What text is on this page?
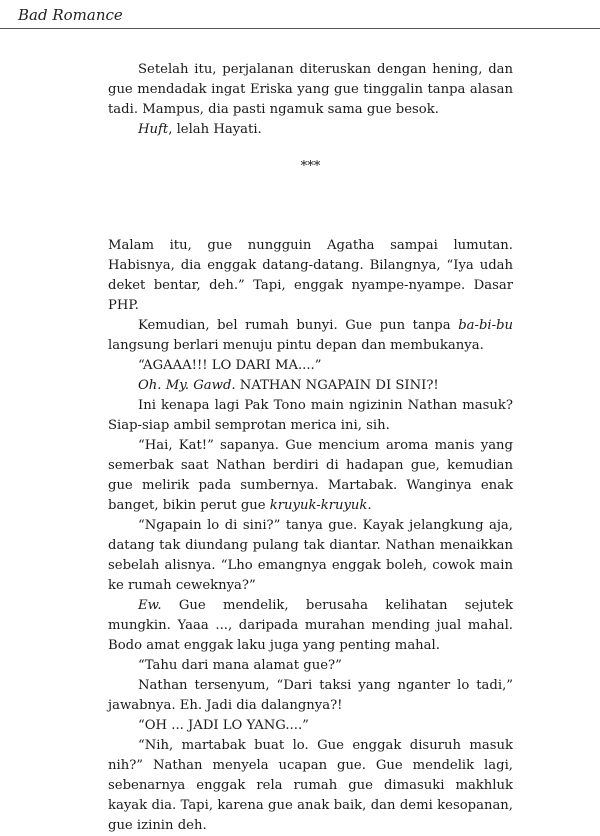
Bad Romance

Setelah itu, perjalanan diteruskan dengan hening, dan gue mendadak ingat Eriska yang gue tinggalin tanpa alasan tadi. Mampus, dia pasti ngamuk sama gue besok.

Huft, lelah Hayati.

***

Malam itu, gue nungguin Agatha sampai lumutan. Habisnya, dia enggak datang-datang. Bilangnya, “Iya udah deket bentar, deh.” Tapi, enggak nyampe-nyampe. Dasar PHP.

Kemudian, bel rumah bunyi. Gue pun tanpa ba-bi-bu langsung berlari menuju pintu depan dan membukanya.

“AGAAA!!! LO DARI MA....”

Oh. My. Gawd. NATHAN NGAPAIN DI SINI?!

Ini kenapa lagi Pak Tono main ngizinin Nathan masuk? Siap-siap ambil semprotan merica ini, sih.

“Hai, Kat!” sapanya. Gue mencium aroma manis yang semerbak saat Nathan berdiri di hadapan gue, kemudian gue melirik pada sumbernya. Martabak. Wanginya enak banget, bikin perut gue kruyuk-kruyuk.

“Ngapain lo di sini?” tanya gue. Kayak jelangkung aja, datang tak diundang pulang tak diantar. Nathan menaikkan sebelah alisnya. “Lho emangnya enggak boleh, cowok main ke rumah ceweknya?”

Ew. Gue mendelik, berusaha kelihatan sejutek mungkin. Yaaa ..., daripada murahan mending jual mahal. Bodo amat enggak laku juga yang penting mahal.

“Tahu dari mana alamat gue?”

Nathan tersenyum, “Dari taksi yang nganter lo tadi,” jawabnya. Eh. Jadi dia dalangnya?!

“OH ... JADI LO YANG....”

“Nih, martabak buat lo. Gue enggak disuruh masuk nih?” Nathan menyela ucapan gue. Gue mendelik lagi, sebenarnya enggak rela rumah gue dimasuki makhluk kayak dia. Tapi, karena gue anak baik, dan demi kesopanan, gue izinin deh.
